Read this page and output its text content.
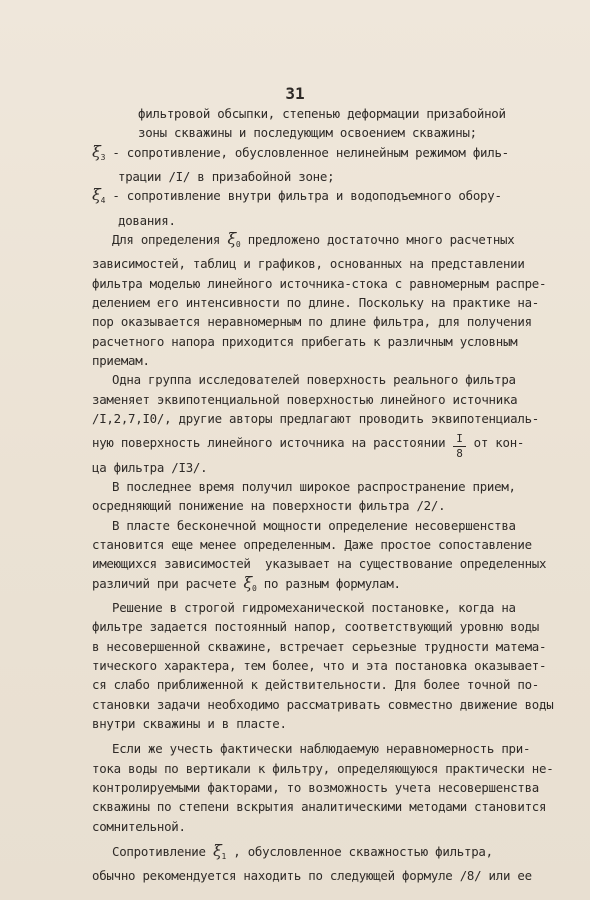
31
фильтровой обсыпки, степенью деформации призабойной
зоны скважины и последующим освоением скважины;
$\xi_3$ - сопротивление, обусловленное нелинейным режимом филь-
трации /I/ в призабойной зоне;
$\xi_4$ - сопротивление внутри фильтра и водоподъемного обору-
дования.
Для определения $\xi_0$ предложено достаточно много расчетных
зависимостей, таблиц и графиков, основанных на представлении
фильтра моделью линейного источника-стока с равномерным распре-
делением его интенсивности по длине. Поскольку на практике на-
пор оказывается неравномерным по длине фильтра, для получения
расчетного напора приходится прибегать к различным условным
приемам.
Одна группа исследователей поверхность реального фильтра
заменяет эквипотенциальной поверхностью линейного источника
/I,2,7,I0/, другие авторы предлагают проводить эквипотенциаль-
ную поверхность линейного источника на расстоянии $\frac{I}{8}$ от кон-
ца фильтра /I3/.
В последнее время получил широкое распространение прием,
осредняющий понижение на поверхности фильтра /2/.
В пласте бесконечной мощности определение несовершенства
становится еще менее определенным. Даже простое сопоставление
имеющихся зависимостей  указывает на существование определенных
различий при расчете $\xi_0$ по разным формулам.
Решение в строгой гидромеханической постановке, когда на
фильтре задается постоянный напор, соответствующий уровню воды
в несовершенной скважине, встречает серьезные трудности матема-
тического характера, тем более, что и эта постановка оказывает-
ся слабо приближенной к действительности. Для более точной по-
становки задачи необходимо рассматривать совместно движение воды
внутри скважины и в пласте.
Если же учесть фактически наблюдаемую неравномерность при-
тока воды по вертикали к фильтру, определяющуюся практически не-
контролируемыми факторами, то возможность учета несовершенства
скважины по степени вскрытия аналитическими методами становится
сомнительной.
Сопротивление $\xi_1$ , обусловленное скважностью фильтра,
обычно рекомендуется находить по следующей формуле /8/ или ее
